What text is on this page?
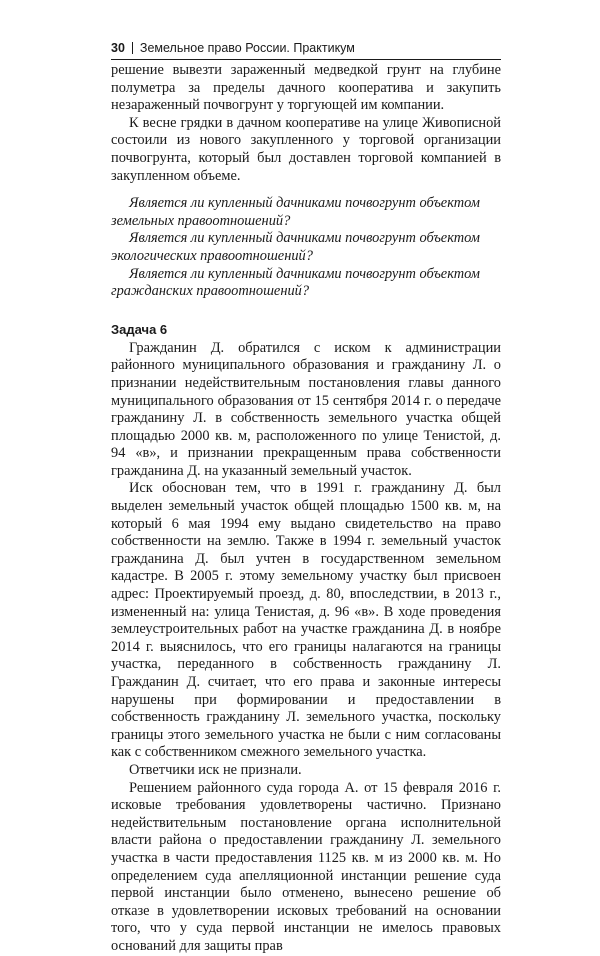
30 Земельное право России. Практикум

решение вывезти зараженный медведкой грунт на глубине полуметра за пределы дачного кооператива и закупить незараженный почвогрунт у торгующей им компании.

К весне грядки в дачном кооперативе на улице Живописной состоили из нового закупленного у торговой организации почвогрунта, который был доставлен торговой компанией в закупленном объеме.

Является ли купленный дачниками почвогрунт объектом земельных правоотношений?

Является ли купленный дачниками почвогрунт объектом экологических правоотношений?

Является ли купленный дачниками почвогрунт объектом гражданских правоотношений?

Задача 6

Гражданин Д. обратился с иском к администрации районного муниципального образования и гражданину Л. о признании недействительным постановления главы данного муниципального образования от 15 сентября 2014 г. о передаче гражданину Л. в собственность земельного участка общей площадью 2000 кв. м, расположенного по улице Тенистой, д. 94 «в», и признании прекращенным права собственности гражданина Д. на указанный земельный участок.

Иск обоснован тем, что в 1991 г. гражданину Д. был выделен земельный участок общей площадью 1500 кв. м, на который 6 мая 1994 ему выдано свидетельство на право собственности на землю. Также в 1994 г. земельный участок гражданина Д. был учтен в государственном земельном кадастре. В 2005 г. этому земельному участку был присвоен адрес: Проектируемый проезд, д. 80, впоследствии, в 2013 г., измененный на: улица Тенистая, д. 96 «в». В ходе проведения землеустроительных работ на участке гражданина Д. в ноябре 2014 г. выяснилось, что его границы налагаются на границы участка, переданного в собственность гражданину Л. Гражданин Д. считает, что его права и законные интересы нарушены при формировании и предоставлении в собственность гражданину Л. земельного участка, поскольку границы этого земельного участка не были с ним согласованы как с собственником смежного земельного участка.

Ответчики иск не признали.

Решением районного суда города А. от 15 февраля 2016 г. исковые требования удовлетворены частично. Признано недействительным постановление органа исполнительной власти района о предоставлении гражданину Л. земельного участка в части предоставления 1125 кв. м из 2000 кв. м. Но определением суда апелляционной инстанции решение суда первой инстанции было отменено, вынесено решение об отказе в удовлетворении исковых требований на основании того, что у суда первой инстанции не имелось правовых оснований для защиты прав
